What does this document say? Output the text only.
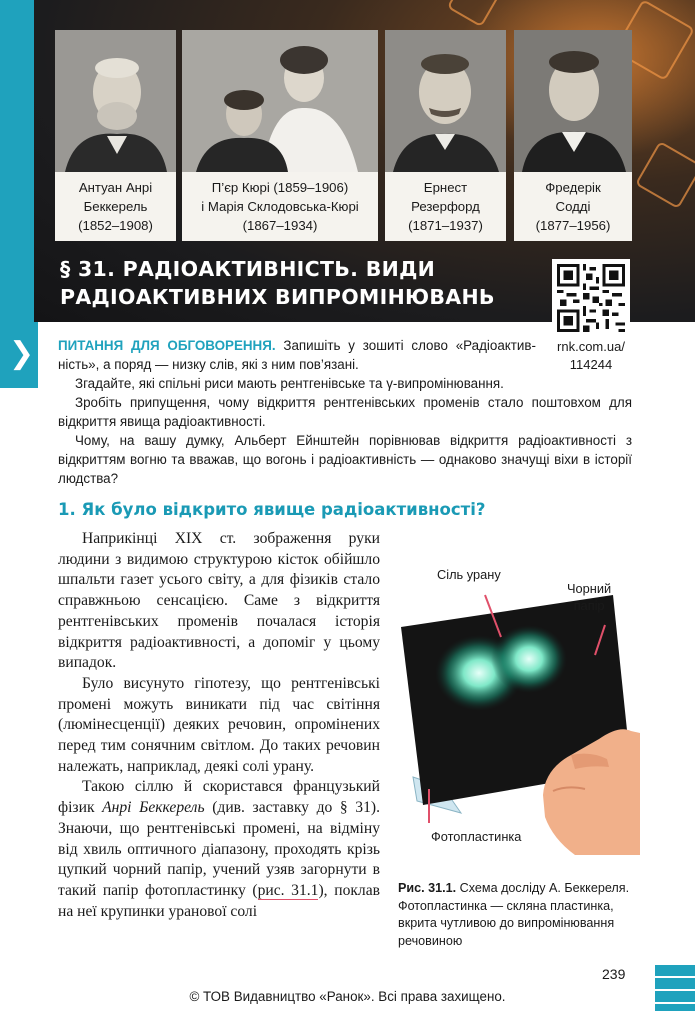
❯
Антуан Анрі
Беккерель
(1852–1908)
П’єр Кюрі (1859–1906)
і Марія Склодовська-Кюрі
(1867–1934)
Ернест
Резерфорд
(1871–1937)
Фредерік
Содді
(1877–1956)
§ 31. РАДІОАКТИВНІСТЬ. ВИДИ
РАДІОАКТИВНИХ ВИПРОМІНЮВАНЬ
rnk.com.ua/
114244

ПИТАННЯ ДЛЯ ОБГОВОРЕННЯ. Запишіть у зошиті слово «Радіоактивність», а поряд — низку слів, які з ним пов’язані.

Згадайте, які спільні риси мають рентгенівське та γ-випромінювання.

Зробіть припущення, чому відкриття рентгенівських променів стало поштовхом для відкриття явища радіоактивності.

Чому, на вашу думку, Альберт Ейнштейн порівнював відкриття радіоактивності з відкриттям вогню та вважав, що вогонь і радіоактивність — однаково значущі віхи в історії людства?

1. Як було відкрито явище радіоактивності?

Наприкінці XIX ст. зображення руки людини з видимою структурою кісток обійшло шпальти газет усього світу, а для фізиків стало справжньою сенсацією. Саме з відкриття рентгенівських променів почалася історія відкриття радіоактивності, а допоміг у цьому випадок.

Було висунуто гіпотезу, що рентгенівські промені можуть виникати під час світіння (люмінесценції) деяких речовин, опромінених перед тим сонячним світлом. До таких речовин належать, наприклад, деякі солі урану.

Такою сіллю й скористався французький фізик Анрі Беккерель (див. заставку до § 31). Знаючи, що рентгенівські промені, на відміну від хвиль оптичного діапазону, проходять крізь цупкий чорний папір, учений узяв загорнути в такий папір фотопластинку (рис. 31.1), поклав на неї крупинки уранової солі

Сіль урану
Чорний
папір
Фотопластинка
Рис. 31.1. Схема досліду А. Беккереля. Фотопластинка — скляна пластинка, вкрита чутливою до випромінювання речовиною
239
© ТОВ Видавництво «Ранок». Всі права захищено.
